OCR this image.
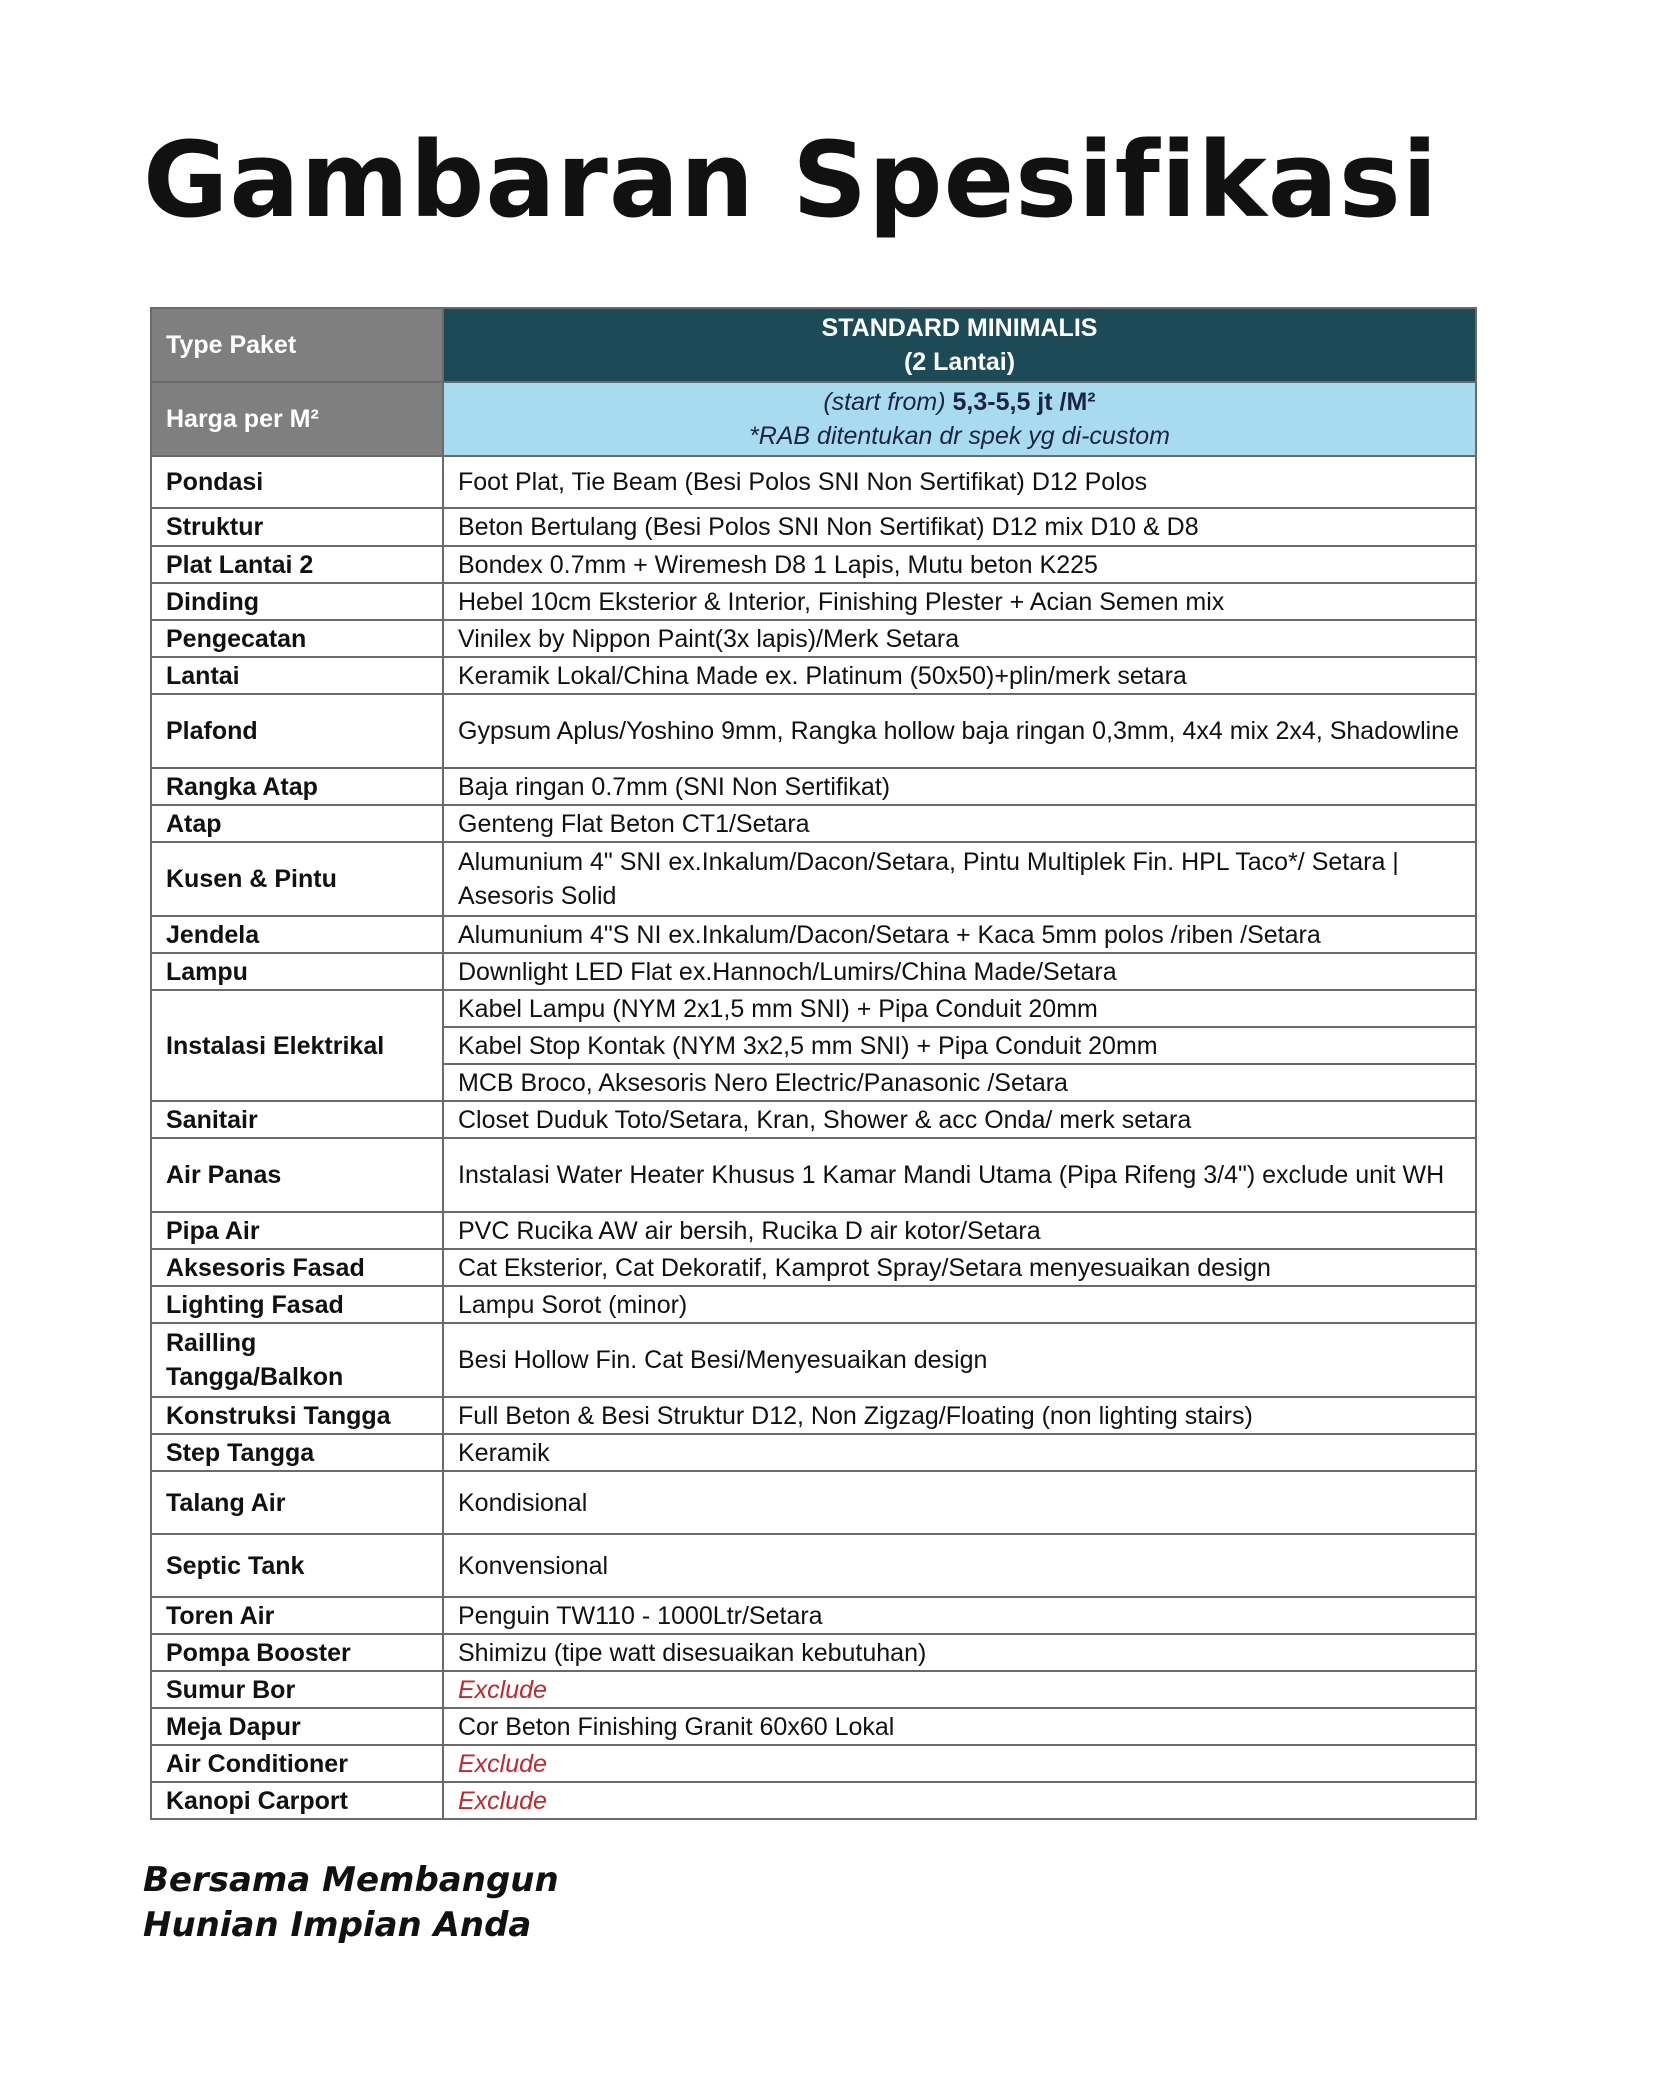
Gambaran Spesifikasi
Type Paket	STANDARD MINIMALIS
(2 Lantai)

Harga per M²	(start from) 5,3-5,5 jt /M²
*RAB ditentukan dr spek yg di-custom

Pondasi	Foot Plat, Tie Beam (Besi Polos SNI Non Sertifikat) D12 Polos
Struktur	Beton Bertulang (Besi Polos SNI Non Sertifikat) D12 mix D10 & D8
Plat Lantai 2	Bondex 0.7mm + Wiremesh D8 1 Lapis, Mutu beton K225
Dinding	Hebel 10cm Eksterior & Interior, Finishing Plester + Acian Semen mix
Pengecatan	Vinilex by Nippon Paint(3x lapis)/Merk Setara
Lantai	Keramik Lokal/China Made ex. Platinum (50x50)+plin/merk setara
Plafond	Gypsum Aplus/Yoshino 9mm, Rangka hollow baja ringan 0,3mm, 4x4 mix 2x4, Shadowline
Rangka Atap	Baja ringan 0.7mm (SNI Non Sertifikat)
Atap	Genteng Flat Beton CT1/Setara
Kusen & Pintu	Alumunium 4" SNI ex.Inkalum/Dacon/Setara, Pintu Multiplek Fin. HPL Taco*/ Setara | Asesoris Solid
Jendela	Alumunium 4"S NI ex.Inkalum/Dacon/Setara + Kaca 5mm polos /riben /Setara
Lampu	Downlight LED Flat ex.Hannoch/Lumirs/China Made/Setara
Instalasi Elektrikal	Kabel Lampu (NYM 2x1,5 mm SNI) + Pipa Conduit 20mm
	Kabel Stop Kontak (NYM 3x2,5 mm SNI) + Pipa Conduit 20mm
	MCB Broco, Aksesoris Nero Electric/Panasonic /Setara
Sanitair	Closet Duduk Toto/Setara, Kran, Shower & acc Onda/ merk setara
Air Panas	Instalasi Water Heater Khusus 1 Kamar Mandi Utama (Pipa Rifeng 3/4") exclude unit WH
Pipa Air	PVC Rucika AW air bersih, Rucika D air kotor/Setara
Aksesoris Fasad	Cat Eksterior, Cat Dekoratif, Kamprot Spray/Setara menyesuaikan design
Lighting Fasad	Lampu Sorot (minor)
Railling Tangga/Balkon	Besi Hollow Fin. Cat Besi/Menyesuaikan design
Konstruksi Tangga	Full Beton & Besi Struktur D12, Non Zigzag/Floating (non lighting stairs)
Step Tangga	Keramik
Talang Air	Kondisional
Septic Tank	Konvensional
Toren Air	Penguin TW110 - 1000Ltr/Setara
Pompa Booster	Shimizu (tipe watt disesuaikan kebutuhan)
Sumur Bor	Exclude
Meja Dapur	Cor Beton Finishing Granit 60x60 Lokal
Air Conditioner	Exclude
Kanopi Carport	Exclude

Bersama Membangun
Hunian Impian Anda
